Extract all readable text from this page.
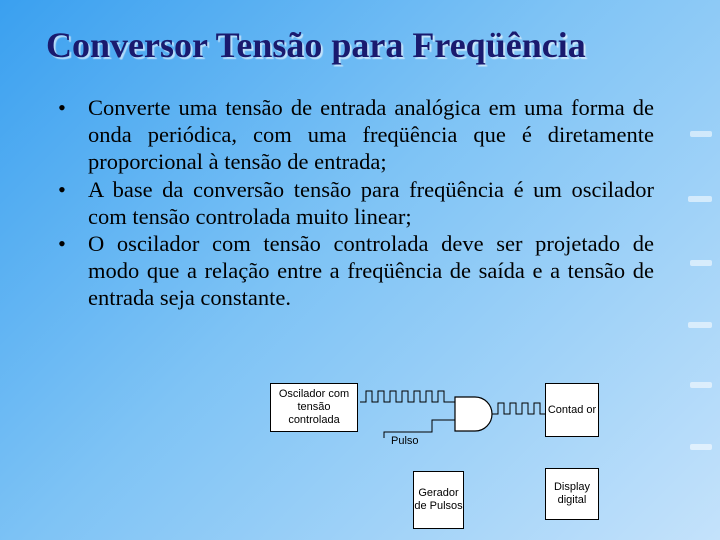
Conversor Tensão para Freqüência
• Converte uma tensão de entrada analógica em uma forma de onda periódica, com uma freqüência que é diretamente proporcional à tensão de entrada;
• A base da conversão tensão para freqüência é um oscilador com tensão controlada muito linear;
• O oscilador com tensão controlada deve ser projetado de modo que a relação entre a freqüência de saída e a tensão de entrada seja constante.
Oscilador com tensão controlada
Contad or
Pulso
Gerador de Pulsos
Display digital
